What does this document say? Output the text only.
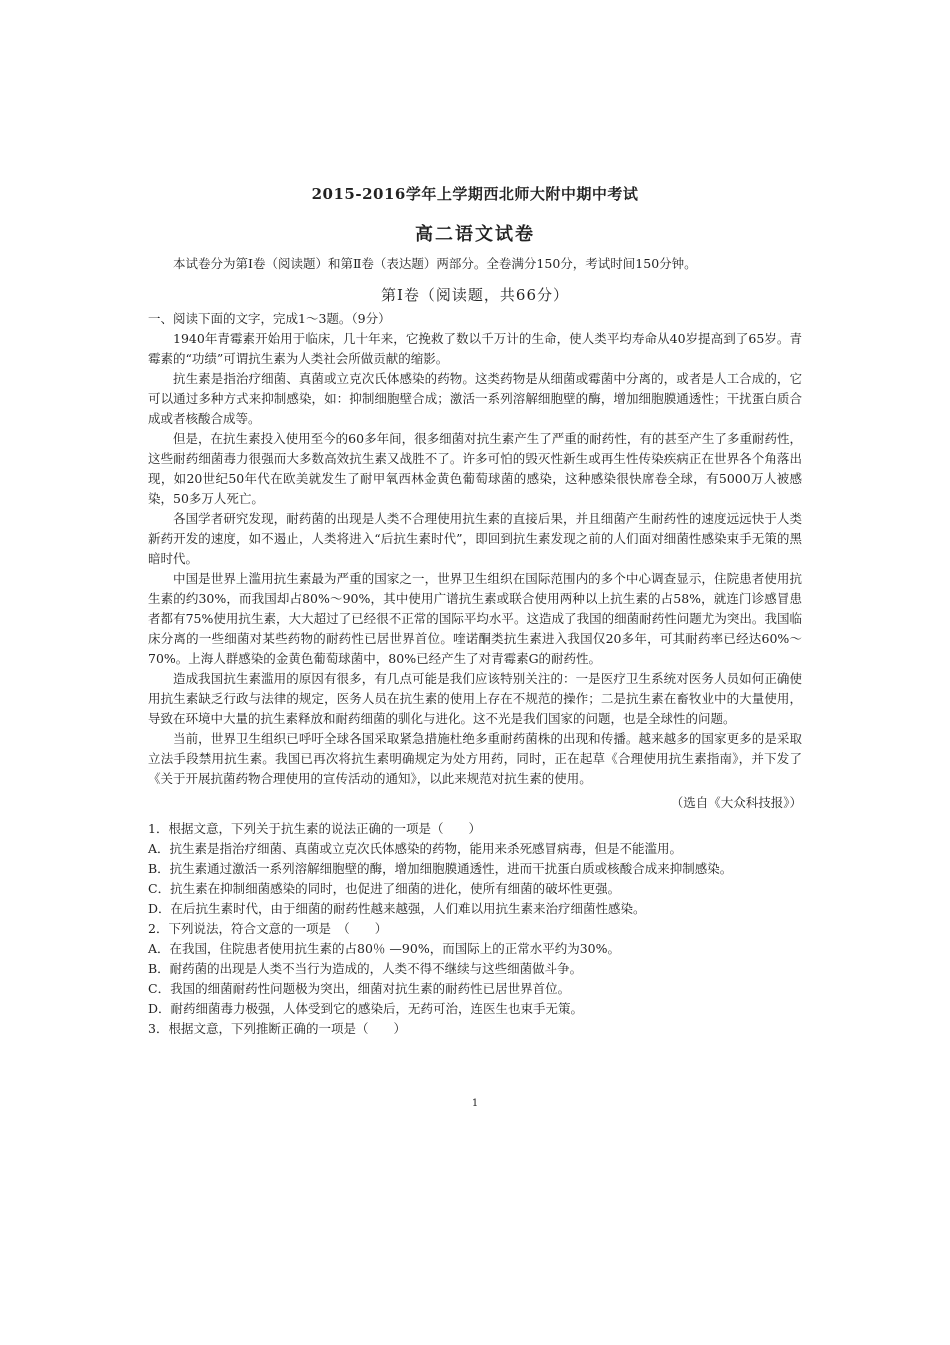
2015-2016学年上学期西北师大附中期中考试
高二语文试卷
本试卷分为第Ⅰ卷（阅读题）和第Ⅱ卷（表达题）两部分。全卷满分150分，考试时间150分钟。
第Ⅰ卷（阅读题，共66分）

一、阅读下面的文字，完成1～3题。（9分）

1940年青霉素开始用于临床，几十年来，它挽救了数以千万计的生命，使人类平均寿命从40岁提高到了65岁。青霉素的“功绩”可谓抗生素为人类社会所做贡献的缩影。

抗生素是指治疗细菌、真菌或立克次氏体感染的药物。这类药物是从细菌或霉菌中分离的，或者是人工合成的，它可以通过多种方式来抑制感染，如：抑制细胞壁合成；激活一系列溶解细胞壁的酶，增加细胞膜通透性；干扰蛋白质合成或者核酸合成等。

但是，在抗生素投入使用至今的60多年间，很多细菌对抗生素产生了严重的耐药性，有的甚至产生了多重耐药性，这些耐药细菌毒力很强而大多数高效抗生素又战胜不了。许多可怕的毁灭性新生或再生性传染疾病正在世界各个角落出现，如20世纪50年代在欧美就发生了耐甲氧西林金黄色葡萄球菌的感染，这种感染很快席卷全球，有5000万人被感染，50多万人死亡。

各国学者研究发现，耐药菌的出现是人类不合理使用抗生素的直接后果，并且细菌产生耐药性的速度远远快于人类新药开发的速度，如不遏止，人类将进入“后抗生素时代”，即回到抗生素发现之前的人们面对细菌性感染束手无策的黑暗时代。

中国是世界上滥用抗生素最为严重的国家之一，世界卫生组织在国际范围内的多个中心调查显示，住院患者使用抗生素的约30%，而我国却占80%～90%，其中使用广谱抗生素或联合使用两种以上抗生素的占58%，就连门诊感冒患者都有75%使用抗生素，大大超过了已经很不正常的国际平均水平。这造成了我国的细菌耐药性问题尤为突出。我国临床分离的一些细菌对某些药物的耐药性已居世界首位。喹诺酮类抗生素进入我国仅20多年，可其耐药率已经达60%～70%。上海人群感染的金黄色葡萄球菌中，80%已经产生了对青霉素G的耐药性。

造成我国抗生素滥用的原因有很多，有几点可能是我们应该特别关注的：一是医疗卫生系统对医务人员如何正确使用抗生素缺乏行政与法律的规定，医务人员在抗生素的使用上存在不规范的操作；二是抗生素在畜牧业中的大量使用，导致在环境中大量的抗生素释放和耐药细菌的驯化与进化。这不光是我们国家的问题，也是全球性的问题。

当前，世界卫生组织已呼吁全球各国采取紧急措施杜绝多重耐药菌株的出现和传播。越来越多的国家更多的是采取立法手段禁用抗生素。我国已再次将抗生素明确规定为处方用药，同时，正在起草《合理使用抗生素指南》，并下发了《关于开展抗菌药物合理使用的宣传活动的通知》，以此来规范对抗生素的使用。

（选自《大众科技报》）

1．根据文意，下列关于抗生素的说法正确的一项是（　　）

A．抗生素是指治疗细菌、真菌或立克次氏体感染的药物，能用来杀死感冒病毒，但是不能滥用。

B．抗生素通过激活一系列溶解细胞壁的酶，增加细胞膜通透性，进而干扰蛋白质或核酸合成来抑制感染。

C．抗生素在抑制细菌感染的同时，也促进了细菌的进化，使所有细菌的破坏性更强。

D．在后抗生素时代，由于细菌的耐药性越来越强，人们难以用抗生素来治疗细菌性感染。

2．下列说法，符合文意的一项是　（　　）

A．在我国，住院患者使用抗生素的占80％ —90%，而国际上的正常水平约为30%。

B．耐药菌的出现是人类不当行为造成的，人类不得不继续与这些细菌做斗争。

C．我国的细菌耐药性问题极为突出，细菌对抗生素的耐药性已居世界首位。

D．耐药细菌毒力极强，人体受到它的感染后，无药可治，连医生也束手无策。

3．根据文意，下列推断正确的一项是（　　）

1
